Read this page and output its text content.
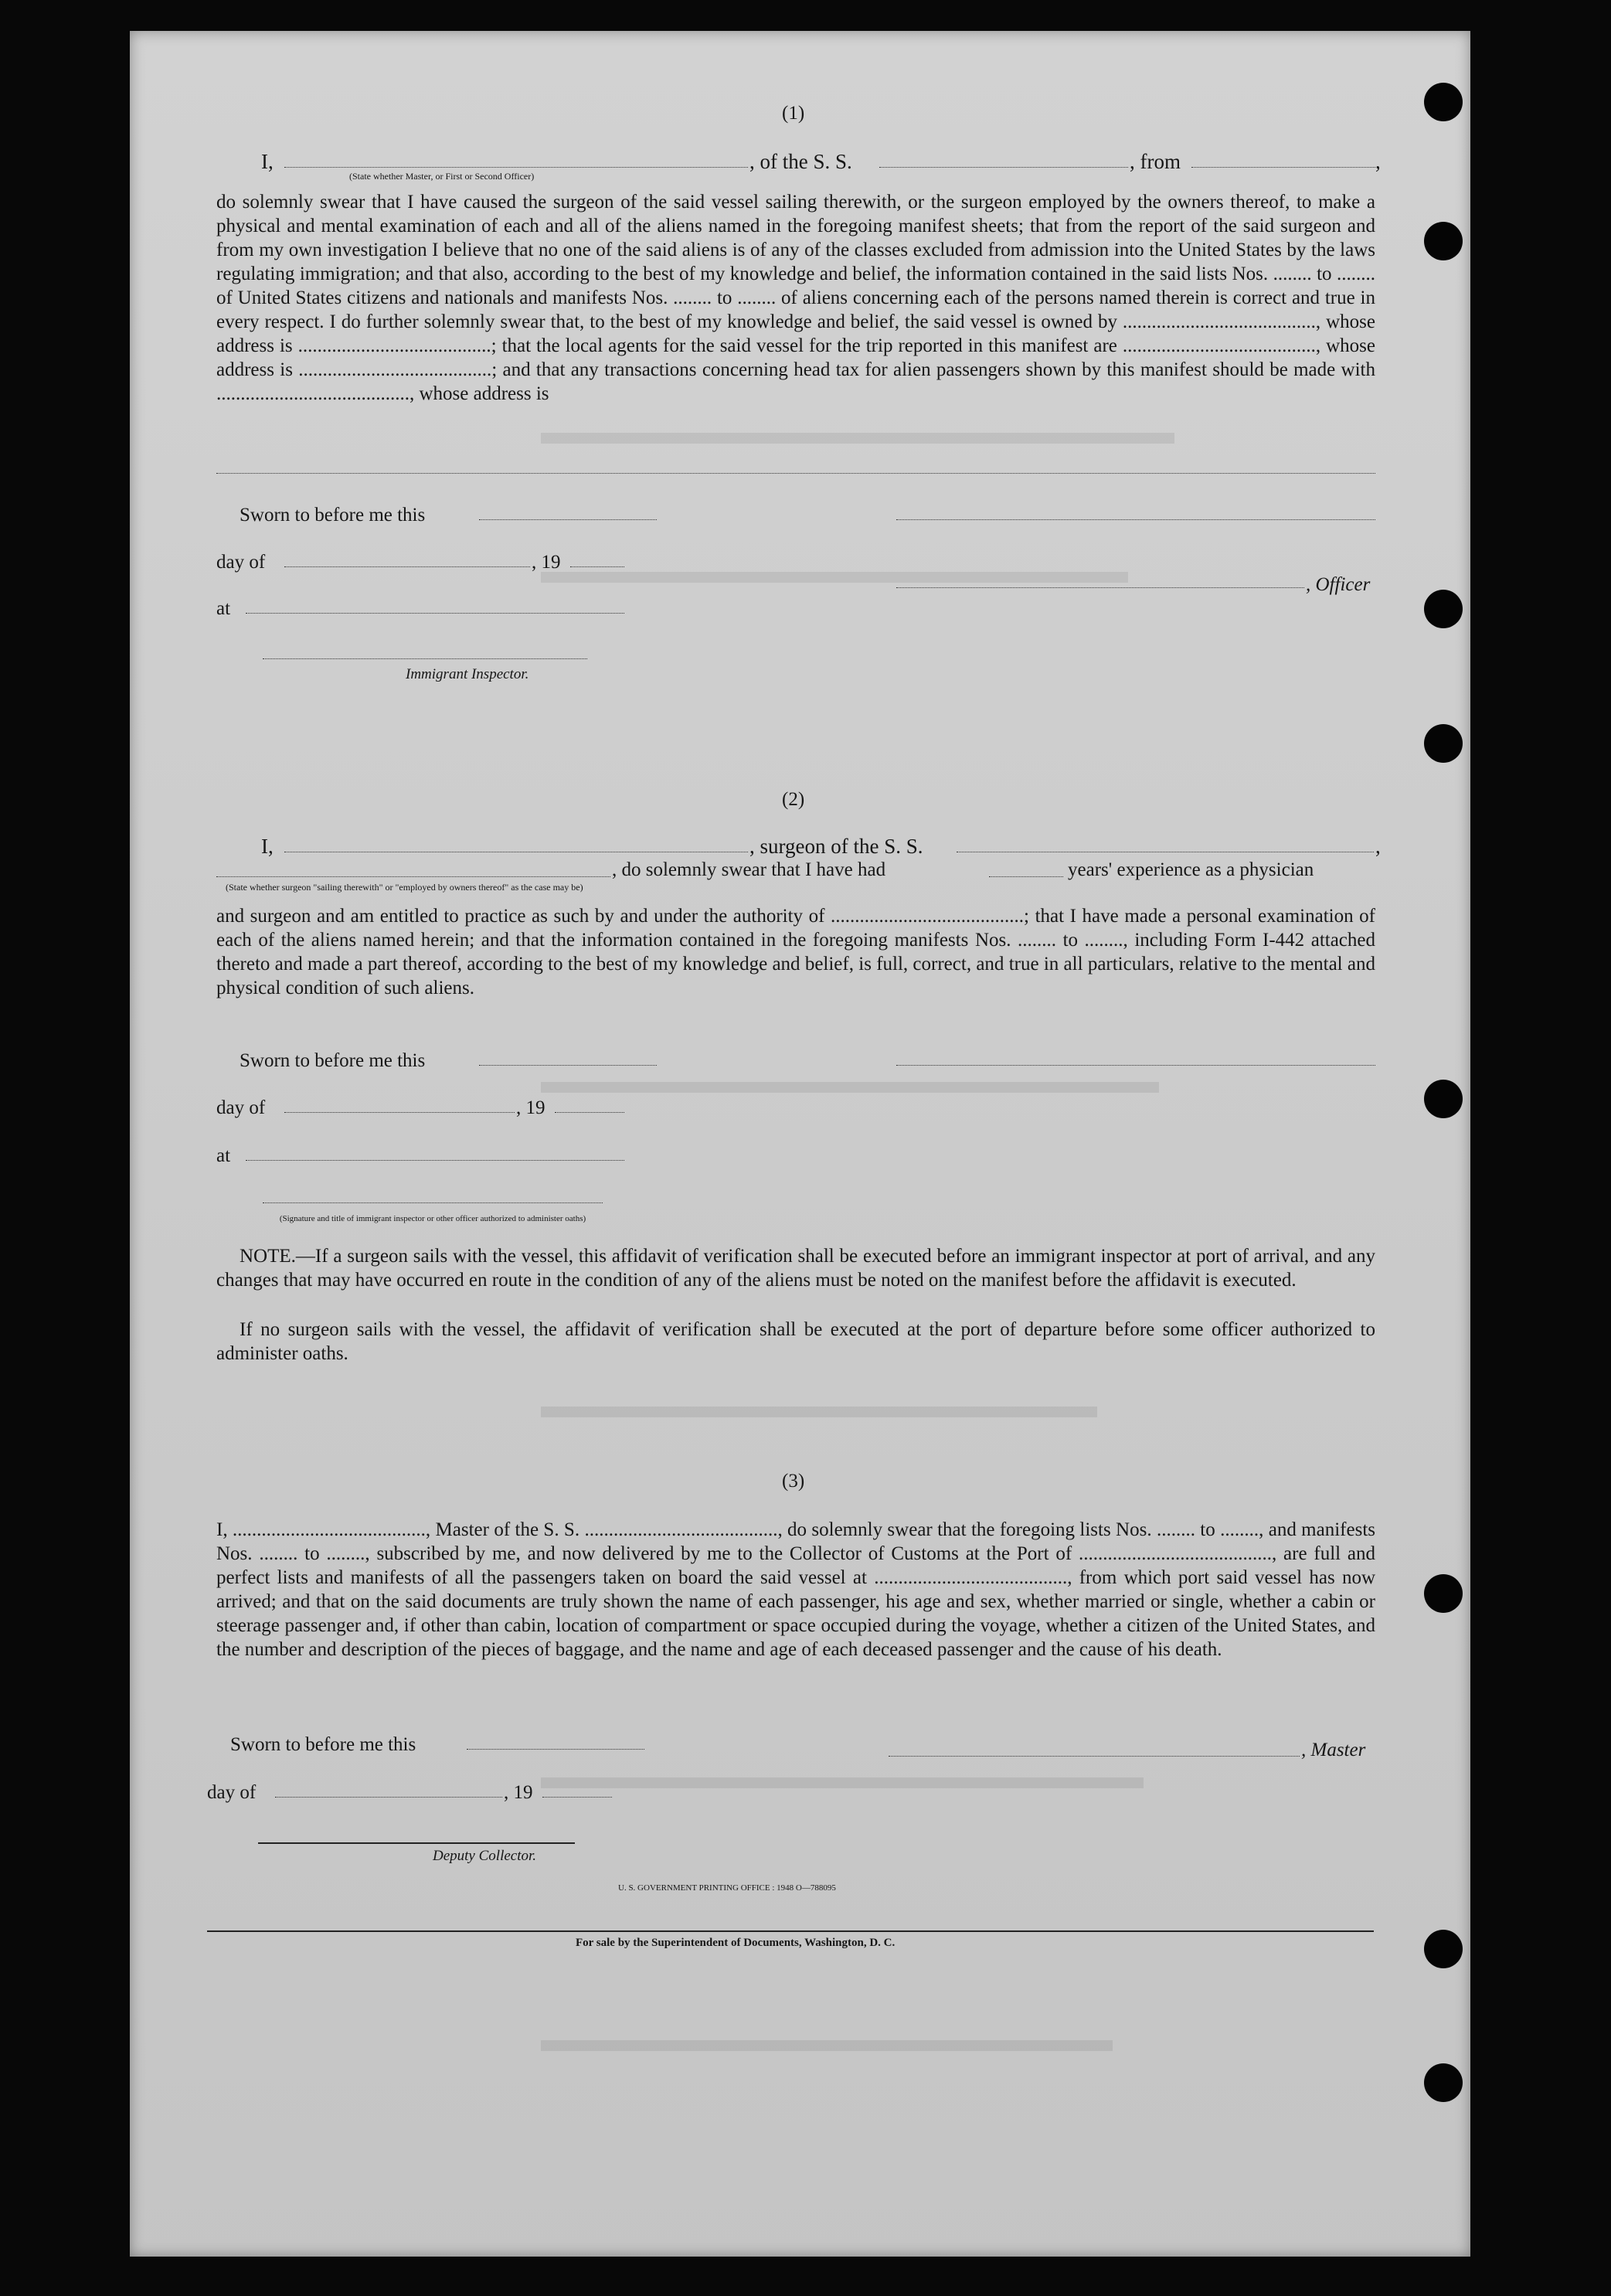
(1)
I,	, of the S. S.	, from	,
(State whether Master, or First or Second Officer)
do solemnly swear that I have caused the surgeon of the said vessel sailing therewith, or the surgeon employed by the owners thereof, to make a physical and mental examination of each and all of the aliens named in the foregoing manifest sheets; that from the report of the said surgeon and from my own investigation I believe that no one of the said aliens is of any of the classes excluded from admission into the United States by the laws regulating immigration; and that also, according to the best of my knowledge and belief, the information contained in the said lists Nos. ........ to ........ of United States citizens and nationals and manifests Nos. ........ to ........ of aliens concerning each of the persons named therein is correct and true in every respect. I do further solemnly swear that, to the best of my knowledge and belief, the said vessel is owned by ........................................, whose address is ........................................; that the local agents for the said vessel for the trip reported in this manifest are ........................................, whose address is ........................................; and that any transactions concerning head tax for alien passengers shown by this manifest should be made with ........................................, whose address is
Sworn to before me this
day of	, 19
, Officer
at
Immigrant Inspector.
(2)
I,	, surgeon of the S. S.	,
, do solemnly swear that I have had	years' experience as a physician
(State whether surgeon "sailing therewith" or "employed by owners thereof" as the case may be)
and surgeon and am entitled to practice as such by and under the authority of ........................................; that I have made a personal examination of each of the aliens named herein; and that the information contained in the foregoing manifests Nos. ........ to ........, including Form I-442 attached thereto and made a part thereof, according to the best of my knowledge and belief, is full, correct, and true in all particulars, relative to the mental and physical condition of such aliens.
Sworn to before me this
day of	, 19
at
(Signature and title of immigrant inspector or other officer authorized to administer oaths)
NOTE.—If a surgeon sails with the vessel, this affidavit of verification shall be executed before an immigrant inspector at port of arrival, and any changes that may have occurred en route in the condition of any of the aliens must be noted on the manifest before the affidavit is executed.
If no surgeon sails with the vessel, the affidavit of verification shall be executed at the port of departure before some officer authorized to administer oaths.
(3)
I, ........................................, Master of the S. S. ........................................, do solemnly swear that the foregoing lists Nos. ........ to ........, and manifests Nos. ........ to ........, subscribed by me, and now delivered by me to the Collector of Customs at the Port of ........................................, are full and perfect lists and manifests of all the passengers taken on board the said vessel at ........................................, from which port said vessel has now arrived; and that on the said documents are truly shown the name of each passenger, his age and sex, whether married or single, whether a cabin or steerage passenger and, if other than cabin, location of compartment or space occupied during the voyage, whether a citizen of the United States, and the number and description of the pieces of baggage, and the name and age of each deceased passenger and the cause of his death.
Sworn to before me this	, Master
day of	, 19
Deputy Collector.
U. S. GOVERNMENT PRINTING OFFICE : 1948 O—788095
For sale by the Superintendent of Documents, Washington, D. C.
